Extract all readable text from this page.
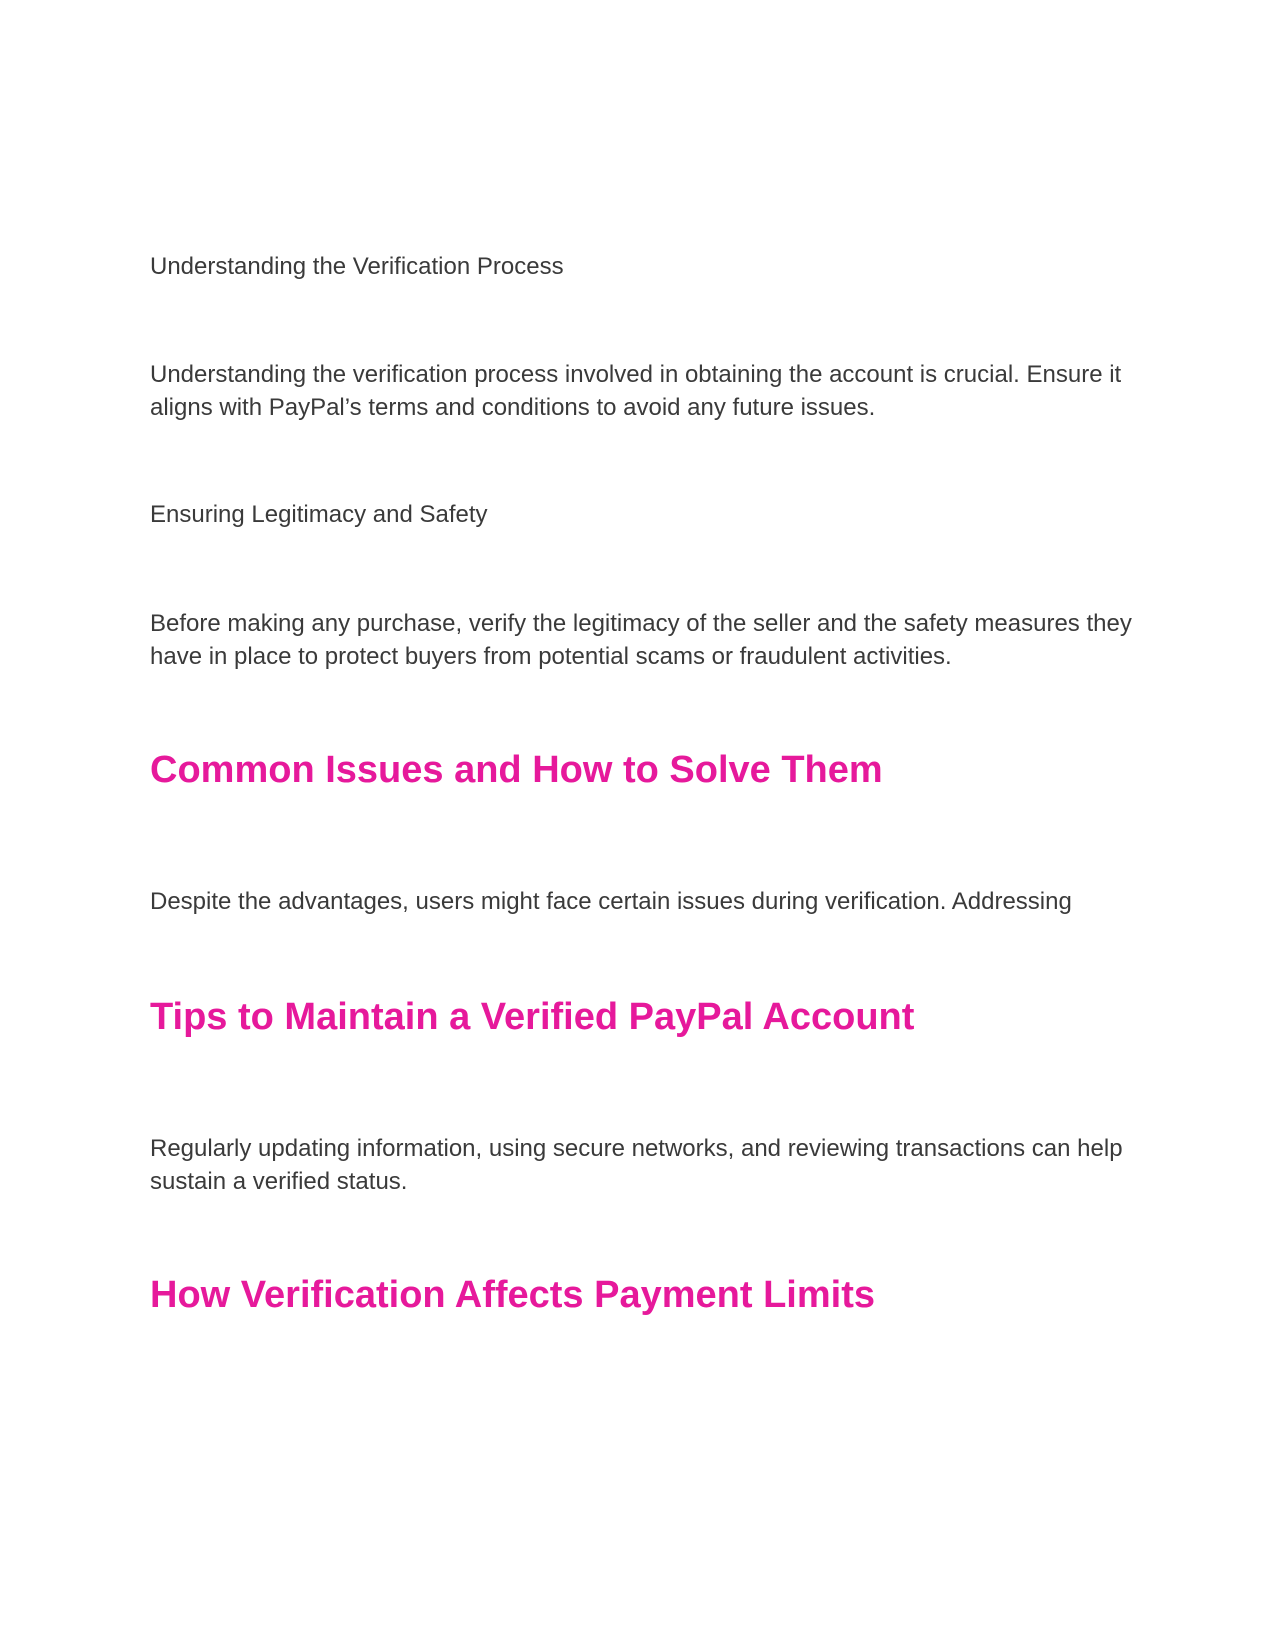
Understanding the Verification Process

Understanding the verification process involved in obtaining the account is crucial. Ensure it aligns with PayPal’s terms and conditions to avoid any future issues.

Ensuring Legitimacy and Safety

Before making any purchase, verify the legitimacy of the seller and the safety measures they have in place to protect buyers from potential scams or fraudulent activities.

Common Issues and How to Solve Them

Despite the advantages, users might face certain issues during verification. Addressing

Tips to Maintain a Verified PayPal Account

Regularly updating information, using secure networks, and reviewing transactions can help sustain a verified status.

How Verification Affects Payment Limits
